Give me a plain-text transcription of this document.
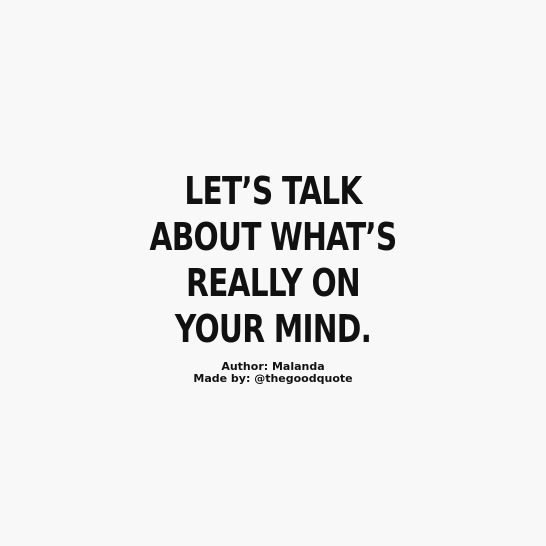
LET’S TALK
ABOUT WHAT’S
REALLY ON
YOUR MIND.
Author: Malanda
Made by: @thegoodquote
